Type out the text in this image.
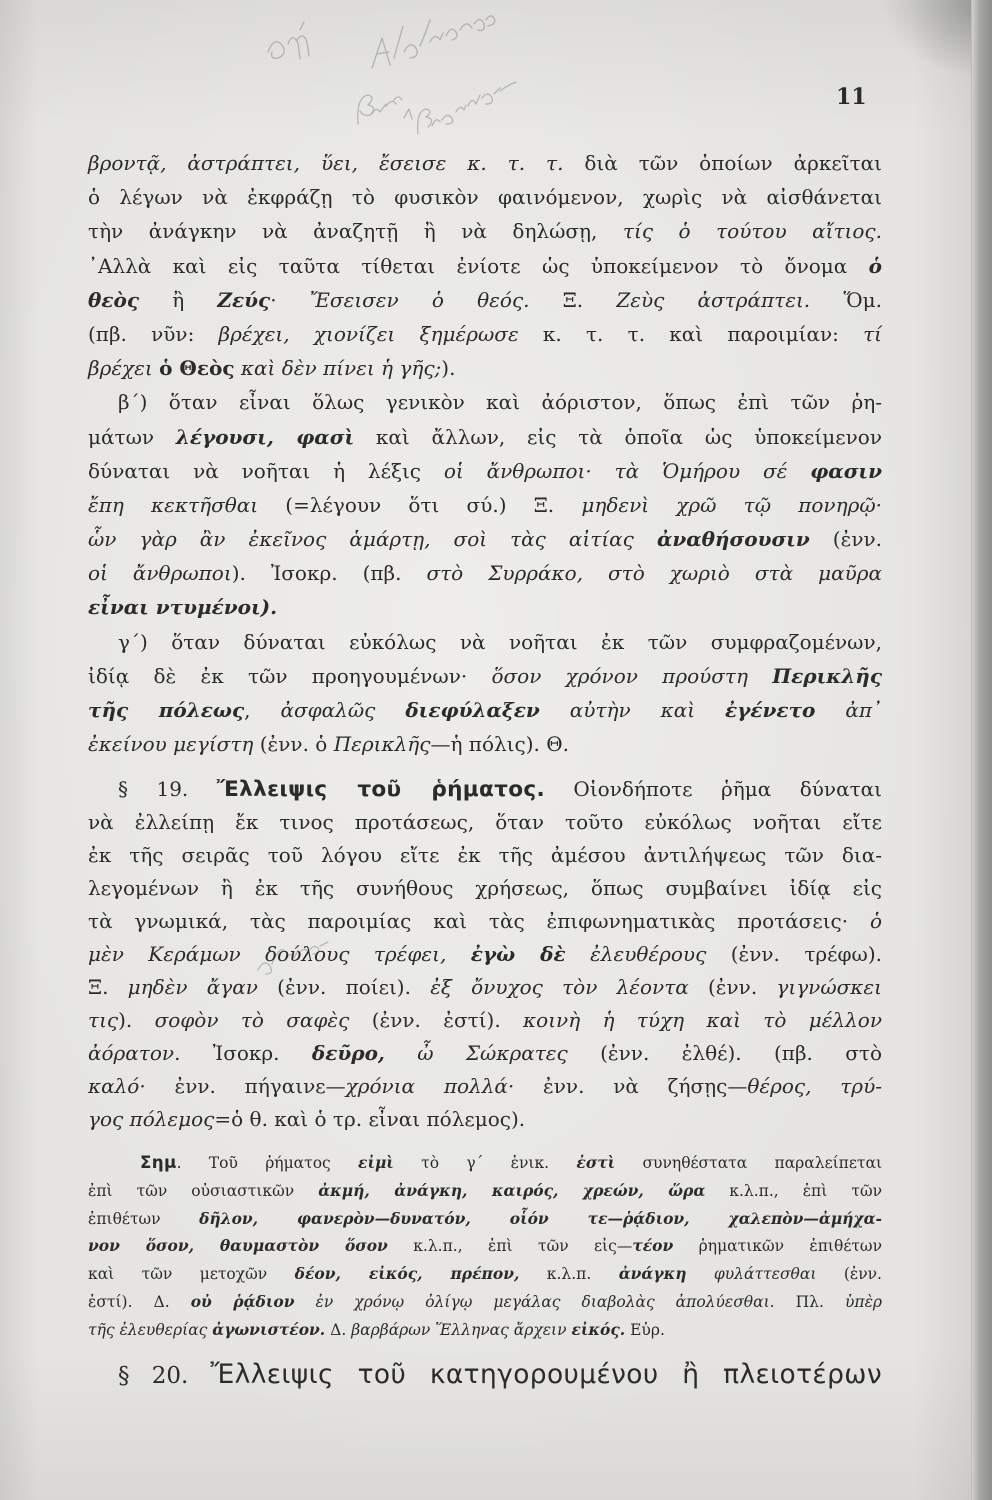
11
βροντᾷ, ἀστράπτει, ὕει, ἔσεισε κ. τ. τ. διὰ τῶν ὁποίων ἀρκεῖται
ὁ λέγων νὰ ἐκφράζῃ τὸ φυσικὸν φαινόμενον, χωρὶς νὰ αἰσθάνεται
τὴν ἀνάγκην νὰ ἀναζητῇ ἢ νὰ δηλώσῃ, τίς ὁ τούτου αἴτιος.
᾿Αλλὰ καὶ εἰς ταῦτα τίθεται ἐνίοτε ὡς ὑποκείμενον τὸ ὄνομα ὁ
θεὸς ἢ Ζεύς· Ἔσεισεν ὁ θεός. Ξ. Ζεὺς ἀστράπτει. Ὅμ.
(πβ. νῦν: βρέχει, χιονίζει ξημέρωσε κ. τ. τ. καὶ παροιμίαν: τί
βρέχει ὁ Θεὸς καὶ δὲν πίνει ἡ γῆς;).
β΄) ὅταν εἶναι ὅλως γενικὸν καὶ ἀόριστον, ὅπως ἐπὶ τῶν ῥη-
μάτων λέγουσι, φασὶ καὶ ἄλλων, εἰς τὰ ὁποῖα ὡς ὑποκείμενον
δύναται νὰ νοῆται ἡ λέξις οἱ ἄνθρωποι· τὰ Ὁμήρου σέ φασιν
ἔπη κεκτῆσθαι (=λέγουν ὅτι σύ.) Ξ. μηδενὶ χρῶ τῷ πονηρῷ·
ὧν γὰρ ἂν ἐκεῖνος ἁμάρτῃ, σοὶ τὰς αἰτίας ἀναθήσουσιν (ἐνν.
οἱ ἄνθρωποι). Ἰσοκρ. (πβ. στὸ Συρράκο, στὸ χωριὸ στὰ μαῦρα
εἶναι ντυμένοι).
γ΄) ὅταν δύναται εὐκόλως νὰ νοῆται ἐκ τῶν συμφραζομένων,
ἰδίᾳ δὲ ἐκ τῶν προηγουμένων· ὅσον χρόνον προύστη Περικλῆς
τῆς πόλεως, ἀσφαλῶς διεφύλαξεν αὐτὴν καὶ ἐγένετο ἀπ᾿
ἐκείνου μεγίστη (ἐνν. ὁ Περικλῆς—ἡ πόλις). Θ.
§ 19. Ἔλλειψις τοῦ ῥήματος. Οἱονδήποτε ῥῆμα δύναται
νὰ ἐλλείπῃ ἔκ τινος προτάσεως, ὅταν τοῦτο εὐκόλως νοῆται εἴτε
ἐκ τῆς σειρᾶς τοῦ λόγου εἴτε ἐκ τῆς ἀμέσου ἀντιλήψεως τῶν δια-
λεγομένων ἢ ἐκ τῆς συνήθους χρήσεως, ὅπως συμβαίνει ἰδίᾳ εἰς
τὰ γνωμικά, τὰς παροιμίας καὶ τὰς ἐπιφωνηματικὰς προτάσεις· ὁ
μὲν Κεράμων δούλους τρέφει, ἐγὼ δὲ ἐλευθέρους (ἐνν. τρέφω).
Ξ. μηδὲν ἄγαν (ἐνν. ποίει). ἐξ ὄνυχος τὸν λέοντα (ἐνν. γιγνώσκει
τις). σοφὸν τὸ σαφὲς (ἐνν. ἐστί). κοινὴ ἡ τύχη καὶ τὸ μέλλον
ἀόρατον. Ἰσοκρ. δεῦρο, ὦ Σώκρατες (ἐνν. ἐλθέ). (πβ. στὸ
καλό· ἐνν. πήγαινε—χρόνια πολλά· ἐνν. νὰ ζήσῃς—θέρος, τρύ-
γος πόλεμος=ὁ θ. καὶ ὁ τρ. εἶναι πόλεμος).
Σημ. Τοῦ ῥήματος εἰμὶ τὸ γ΄ ἑνικ. ἐστὶ συνηθέστατα παραλείπεται
ἐπὶ τῶν οὐσιαστικῶν ἀκμή, ἀνάγκη, καιρός, χρεών, ὥρα κ.λ.π., ἐπὶ τῶν
ἐπιθέτων δῆλον, φανερὸν—δυνατόν, οἷόν τε—ῥᾴδιον, χαλεπὸν—ἀμήχα-
νον ὅσον, θαυμαστὸν ὅσον κ.λ.π., ἐπὶ τῶν εἰς—τέον ῥηματικῶν ἐπιθέτων
καὶ τῶν μετοχῶν δέον, εἰκός, πρέπον, κ.λ.π. ἀνάγκη φυλάττεσθαι (ἐνν.
ἐστί). Δ. οὐ ῥᾴδιον ἐν χρόνῳ ὀλίγῳ μεγάλας διαβολὰς ἀπολύεσθαι. Πλ. ὑπὲρ
τῆς ἐλευθερίας ἀγωνιστέον. Δ. βαρβάρων Ἕλληνας ἄρχειν εἰκός. Εὐρ.
§ 20. Ἔλλειψις τοῦ κατηγορουμένου ἢ πλειοτέρων
